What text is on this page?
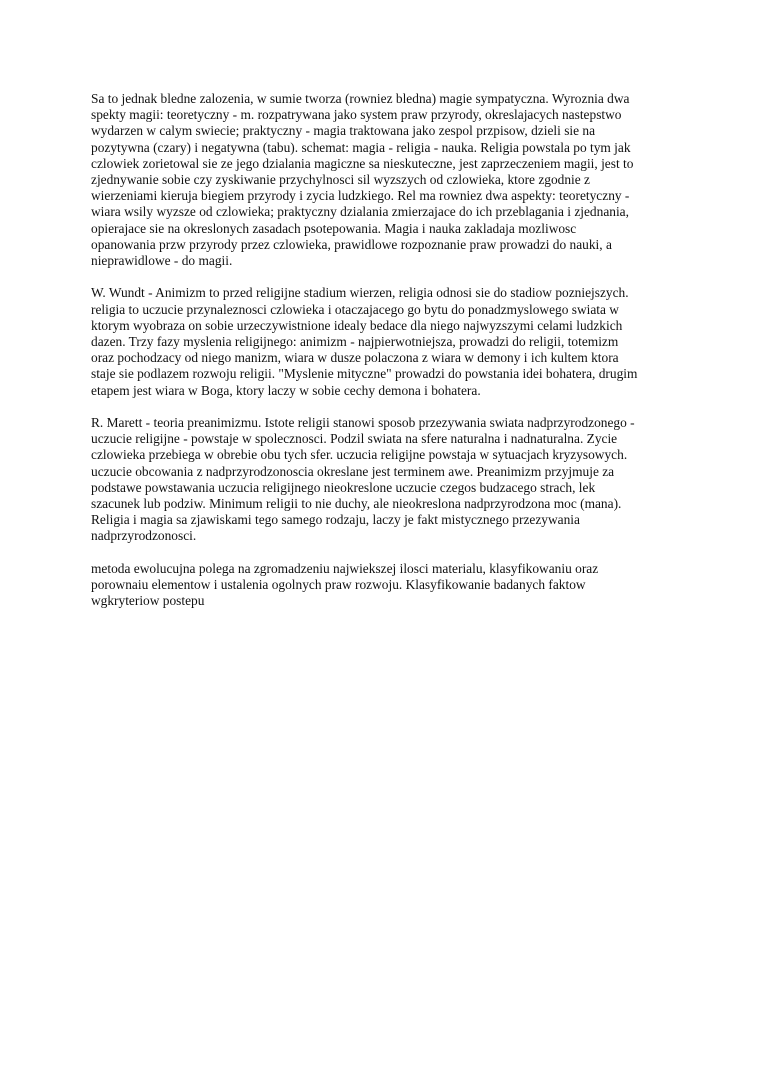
Sa to jednak bledne zalozenia, w sumie tworza (rowniez bledna) magie sympatyczna. Wyroznia dwa
spekty magii: teoretyczny - m. rozpatrywana jako system praw przyrody, okreslajacych nastepstwo
wydarzen w calym swiecie; praktyczny - magia traktowana jako zespol przpisow, dzieli sie na
pozytywna (czary) i negatywna (tabu). schemat: magia - religia - nauka. Religia powstala po tym jak
czlowiek zorietowal sie ze jego dzialania magiczne sa nieskuteczne, jest zaprzeczeniem magii, jest to
zjednywanie sobie czy zyskiwanie przychylnosci sil wyzszych od czlowieka, ktore zgodnie z
wierzeniami kieruja biegiem przyrody i zycia ludzkiego. Rel ma rowniez dwa aspekty: teoretyczny -
wiara wsily wyzsze od czlowieka; praktyczny dzialania zmierzajace do ich przeblagania i zjednania,
opierajace sie na okreslonych zasadach psotepowania. Magia i nauka zakladaja mozliwosc
opanowania przw przyrody przez czlowieka, prawidlowe rozpoznanie praw prowadzi do nauki, a
nieprawidlowe - do magii.

W. Wundt - Animizm to przed religijne stadium wierzen, religia odnosi sie do stadiow pozniejszych.
religia to uczucie przynaleznosci czlowieka i otaczajacego go bytu do ponadzmyslowego swiata w
ktorym wyobraza on sobie urzeczywistnione idealy bedace dla niego najwyzszymi celami ludzkich
dazen. Trzy fazy myslenia religijnego: animizm - najpierwotniejsza, prowadzi do religii, totemizm
oraz pochodzacy od niego manizm, wiara w dusze polaczona z wiara w demony i ich kultem ktora
staje sie podlazem rozwoju religii. "Myslenie mityczne" prowadzi do powstania idei bohatera, drugim
etapem jest wiara w Boga, ktory laczy w sobie cechy demona i bohatera.

R. Marett - teoria preanimizmu. Istote religii stanowi sposob przezywania swiata nadprzyrodzonego -
uczucie religijne - powstaje w spolecznosci. Podzil swiata na sfere naturalna i nadnaturalna. Zycie
czlowieka przebiega w obrebie obu tych sfer. uczucia religijne powstaja w sytuacjach kryzysowych.
uczucie obcowania z nadprzyrodzonoscia okreslane jest terminem awe. Preanimizm przyjmuje za
podstawe powstawania uczucia religijnego nieokreslone uczucie czegos budzacego strach, lek
szacunek lub podziw. Minimum religii to nie duchy, ale nieokreslona nadprzyrodzona moc (mana).
Religia i magia sa zjawiskami tego samego rodzaju, laczy je fakt mistycznego przezywania
nadprzyrodzonosci.

metoda ewolucujna polega na zgromadzeniu najwiekszej ilosci materialu, klasyfikowaniu oraz
porownaiu elementow i ustalenia ogolnych praw rozwoju. Klasyfikowanie badanych faktow
wgkryteriow postepu
